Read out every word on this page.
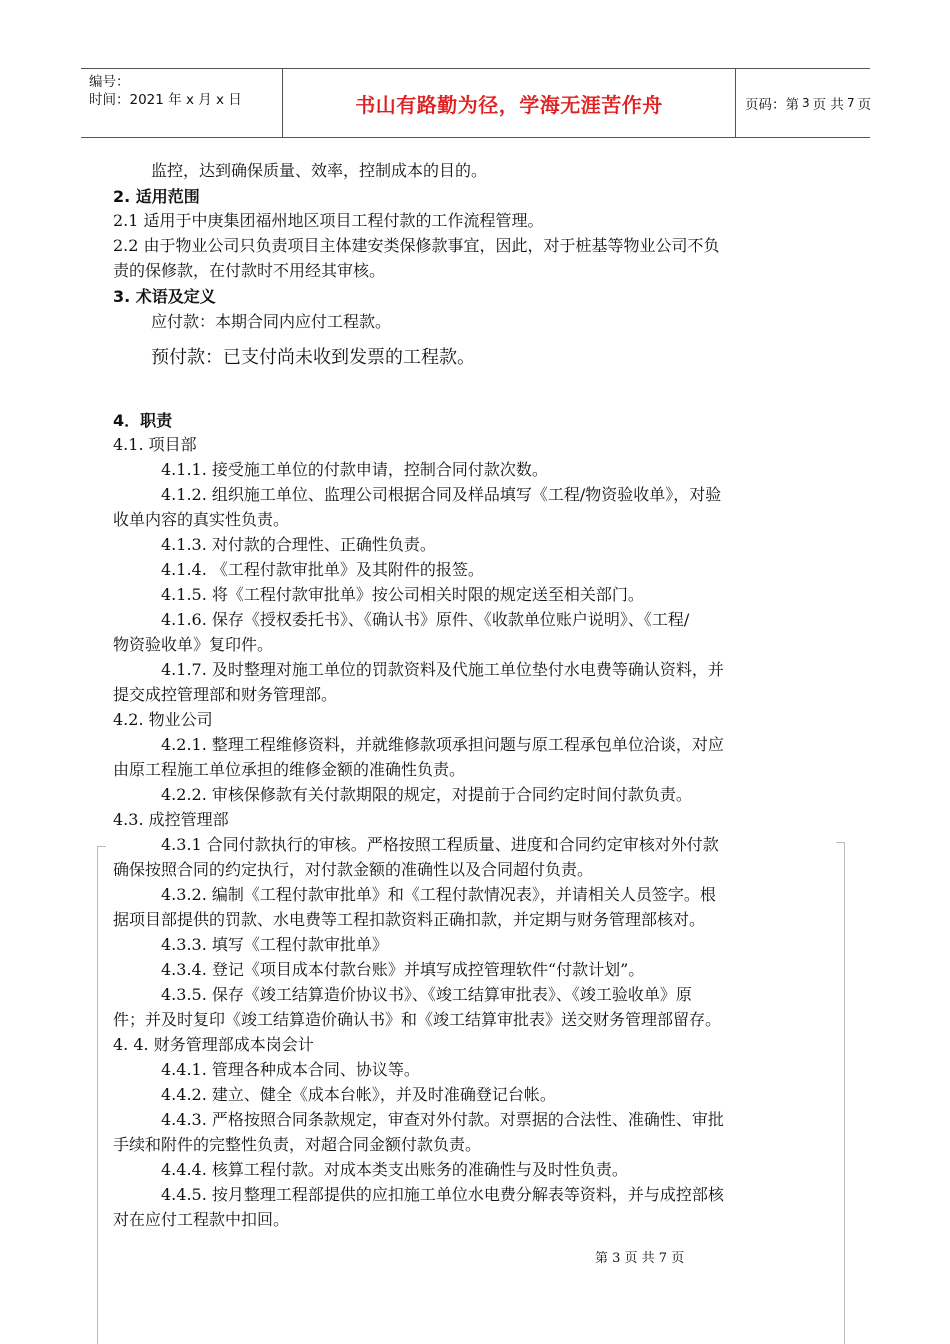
编号：
时间：2021 年 x 月 x 日	书山有路勤为径，学海无涯苦作舟	页码：第 3 页 共 7 页
监控，达到确保质量、效率，控制成本的目的。
2. 适用范围
2.1 适用于中庚集团福州地区项目工程付款的工作流程管理。
2.2 由于物业公司只负责项目主体建安类保修款事宜，因此，对于桩基等物业公司不负
责的保修款，在付款时不用经其审核。
3. 术语及定义
应付款：本期合同内应付工程款。
预付款：已支付尚未收到发票的工程款。
4．职责
4.1. 项目部
4.1.1. 接受施工单位的付款申请，控制合同付款次数。
4.1.2. 组织施工单位、监理公司根据合同及样品填写《工程/物资验收单》，对验
收单内容的真实性负责。
4.1.3. 对付款的合理性、正确性负责。
4.1.4. 《工程付款审批单》及其附件的报签。
4.1.5. 将《工程付款审批单》按公司相关时限的规定送至相关部门。
4.1.6. 保存《授权委托书》、《确认书》原件、《收款单位账户说明》、《工程/
物资验收单》复印件。
4.1.7. 及时整理对施工单位的罚款资料及代施工单位垫付水电费等确认资料，并
提交成控管理部和财务管理部。
4.2. 物业公司
4.2.1. 整理工程维修资料，并就维修款项承担问题与原工程承包单位洽谈，对应
由原工程施工单位承担的维修金额的准确性负责。
4.2.2. 审核保修款有关付款期限的规定，对提前于合同约定时间付款负责。
4.3. 成控管理部
4.3.1 合同付款执行的审核。严格按照工程质量、进度和合同约定审核对外付款
确保按照合同的约定执行，对付款金额的准确性以及合同超付负责。
4.3.2. 编制《工程付款审批单》和《工程付款情况表》，并请相关人员签字。根
据项目部提供的罚款、水电费等工程扣款资料正确扣款，并定期与财务管理部核对。
4.3.3. 填写《工程付款审批单》
4.3.4. 登记《项目成本付款台账》并填写成控管理软件“付款计划”。
4.3.5. 保存《竣工结算造价协议书》、《竣工结算审批表》、《竣工验收单》原
件；并及时复印《竣工结算造价确认书》和《竣工结算审批表》送交财务管理部留存。
4. 4. 财务管理部成本岗会计
4.4.1. 管理各种成本合同、协议等。
4.4.2. 建立、健全《成本台帐》，并及时准确登记台帐。
4.4.3. 严格按照合同条款规定，审查对外付款。对票据的合法性、准确性、审批
手续和附件的完整性负责，对超合同金额付款负责。
4.4.4. 核算工程付款。对成本类支出账务的准确性与及时性负责。
4.4.5. 按月整理工程部提供的应扣施工单位水电费分解表等资料，并与成控部核
对在应付工程款中扣回。
第 3 页 共 7 页
